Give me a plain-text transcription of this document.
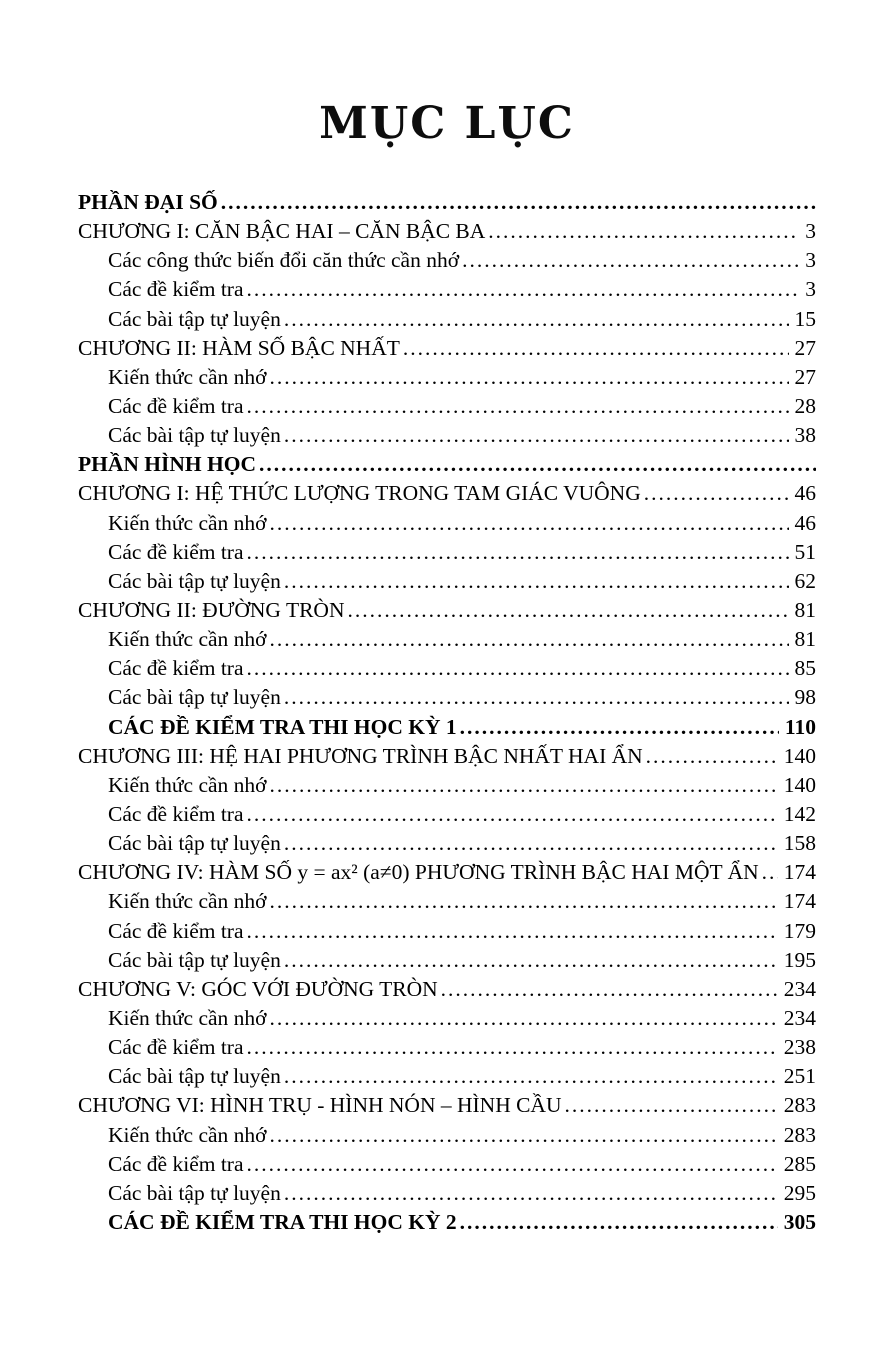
MỤC LỤC
PHẦN ĐẠI SỐ
.....
CHƯƠNG I: CĂN BẬC HAI – CĂN BẬC BA .....	3
Các công thức biến đổi căn thức cần nhớ .....	3
Các đề kiểm tra .....	3
Các bài tập tự luyện .....	15
CHƯƠNG II: HÀM SỐ BẬC NHẤT .....	27
Kiến thức cần nhớ .....	27
Các đề kiểm tra .....	28
Các bài tập tự luyện .....	38
PHẦN HÌNH HỌC
.....
CHƯƠNG I: HỆ THỨC LƯỢNG TRONG TAM GIÁC VUÔNG .....	46
Kiến thức cần nhớ .....	46
Các đề kiểm tra .....	51
Các bài tập tự luyện .....	62
CHƯƠNG II: ĐƯỜNG TRÒN .....	81
Kiến thức cần nhớ .....	81
Các đề kiểm tra .....	85
Các bài tập tự luyện .....	98
CÁC ĐỀ KIỂM TRA THI HỌC KỲ 1 .....	110
CHƯƠNG III: HỆ HAI PHƯƠNG TRÌNH BẬC NHẤT HAI ẨN .....	140
Kiến thức cần nhớ .....	140
Các đề kiểm tra .....	142
Các bài tập tự luyện .....	158
CHƯƠNG IV: HÀM SỐ y = ax² (a≠0) PHƯƠNG TRÌNH BẬC HAI MỘT ẨN ..... 174
Kiến thức cần nhớ .....	174
Các đề kiểm tra .....	179
Các bài tập tự luyện .....	195
CHƯƠNG V: GÓC VỚI ĐƯỜNG TRÒN .....	234
Kiến thức cần nhớ .....	234
Các đề kiểm tra .....	238
Các bài tập tự luyện .....	251
CHƯƠNG VI: HÌNH TRỤ - HÌNH NÓN – HÌNH CẦU .....	283
Kiến thức cần nhớ .....	283
Các đề kiểm tra .....	285
Các bài tập tự luyện .....	295
CÁC ĐỀ KIỂM TRA THI HỌC KỲ 2 .....	305
